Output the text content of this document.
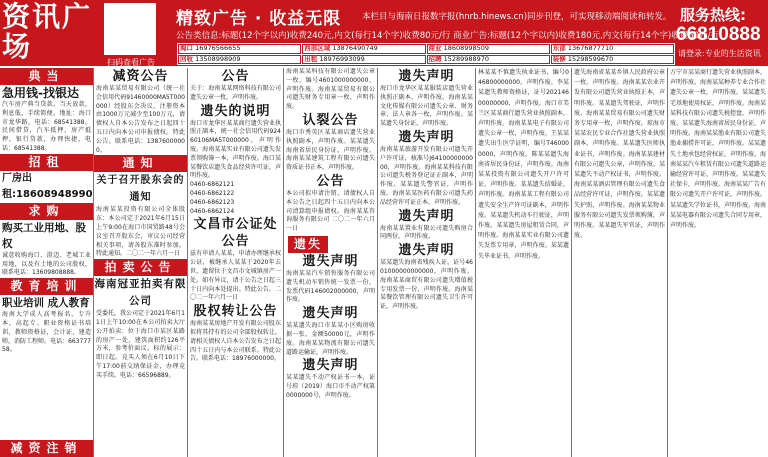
资讯广场	扫码查看广告
精致广告 · 收益无限 本栏目与海南日报数字报(hnrb.hinews.cn)同步刊登，可实现移动端阅读和转发。
公告类信息:标题(12个字以内)收费240元,内文(每行14个字)收费80元/行 商业广告:标题(12个字以内)收费180元,内文(每行14个字)收费60元/行
服务热线:
66810888
请登录:专业的生活资讯
海口 16976566655	西部区域 13876490749	商业 18608998509	东部 13676877710
回收 13508998909	出租 18976993099	招聘 15289988970	装修 15298599670
典当
急用钱-找银达
汽车房产典当贷款，当天放款，利息低，手续简便。地址：海口市龙华路，电话：68541388。民间借贷，汽车抵押，房产抵押，银行贷款，办理快捷，电话：68541388。
招租
厂房出租:18608948990
求购
购买工业用地、股权
诚意收购海口、澄迈、老城工业用地，以及有土地的公司股权，联系电话：13609808888。
教育培训
职业培训 成人教育
海南大学成人高考报名，专升本，高起专。职业资格证书培训，教师资格证，会计证，建造师，消防工程师。电话：66377758。
减资注销
减资公告
海南某某贸易有限公司（统一社会信用代码91460000MA5T000000）经股东会决议，注册资本由1000万元减少至100万元，请债权人自本公告发布之日起四十五日内向本公司申报债权。特此公告。联系电话：13876000000。
通知
关于召开股东会的通知
海南某某投资有限公司全体股东：本公司定于2021年6月15日上午9:00在海口市国贸路48号会议室召开股东会，审议公司经营相关事项，请各股东准时参加。特此通知。二〇二一年六月一日
拍卖公告
海南冠亚拍卖有限公司
受委托，我公司定于2021年6月11日上午10:00在本公司拍卖大厅公开拍卖：位于海口市某区某路的房产一处，建筑面积约126平方米，参考价面议。标的展示：即日起。竞买人须在6月10日下午17:00前交纳保证金，办理竞买手续。电话：66596889。
公告
关于：海南某某网络科技有限公司遗失公章一枚，声明作废。
遗失的说明
海口市龙华区某某商行遗失营业执照正副本，统一社会信用代码92460106MA5T000000，声明作废。海南某某实业有限公司遗失发票领购簿一本，声明作废。海口某某餐饮店遗失食品经营许可证，声明作废。
0460-6862121
0460-6862122
0460-6862123
0460-6862124
文昌市公证处公告
兹有申请人某某，申请办理继承权公证，被继承人某某于2020年去世，遗留位于文昌市文城镇房产一处。如有异议，请于公告之日起三十日内向本处提出。特此公告。二〇二一年六月一日
股权转让公告
海南某某房地产开发有限公司股东拟将其持有的公司全部股权转让，请相关债权人自本公告发布之日起四十五日内与本公司联系。特此公告。联系电话：18976000000。
海南某某科技有限公司遗失公章一枚，编号4601000000000，声明作废。海南某某贸易有限公司遗失财务专用章一枚，声明作废。
认裂公告
海口市秀英区某某商店遗失营业执照副本，声明作废。某某遗失海南省居民身份证，声明作废。海南某某建筑工程有限公司遗失资质证书正本，声明作废。
公告
本公司拟申请注销，请债权人自本公告之日起四十五日内向本公司清算组申报债权。海南某某咨询服务有限公司 二〇二一年六月一日
遗失
遗失声明
海南某某汽车销售服务有限公司遗失机动车销售统一发票一份，发票代码146002000000，声明作废。
遗失声明
某某遗失海口市某某小区购房收据一张，金额50000元，声明作废。海南某某物流有限公司遗失道路运输证，声明作废。
遗失声明
某某遗失不动产权证书一本，证号琼（2019）海口市不动产权第0000000号，声明作废。
遗失声明
海口市龙华区某某服装店遗失营业执照正副本，声明作废。海南某某文化传媒有限公司遗失公章、财务章、法人章各一枚，声明作废。某某遗失身份证，声明作废。
遗失声明
海南某某旅游开发有限公司遗失开户许可证，核准号J6410000000000，声明作废。海南某某科技有限公司遗失税务登记证正副本，声明作废。某某遗失警官证，声明作废。海南某某医药有限公司遗失药品经营许可证正本，声明作废。
遗失声明
海南某某置业有限公司遗失购房合同两份，声明作废。
遗失声明
某某遗失海南省残疾人证，证号4601000000000000，声明作废。海南某某商贸有限公司遗失增值税专用发票一份，声明作废。海南某某餐饮管理有限公司遗失卫生许可证，声明作废。
林某某不慎遗失执业证书，编号046800000000，声明作废。李某某遗失教师资格证，证号20214600000000，声明作废。海口市美兰区某某商行遗失营业执照副本，声明作废。海南某某电子有限公司遗失公章一枚，声明作废。王某某遗失出生医学证明，编号T460000000，声明作废。陈某某遗失海南省居民身份证，声明作废。海南某某投资有限公司遗失开户许可证，声明作废。某某遗失结婚证，声明作废。海南某某工程有限公司遗失安全生产许可证副本，声明作废。某某遗失机动车行驶证，声明作废。某某遗失房屋租赁合同，声明作废。海南某某实业有限公司遗失发票专用章，声明作废。某某遗失毕业证书，声明作废。
遗失海南省某某乡镇人民政府公章一枚，声明作废。海南某某农业开发有限公司遗失营业执照正本，声明作废。某某遗失驾驶证，声明作废。海南某某贸易有限公司遗失财务专用章一枚，声明作废。琼海市某某农民专业合作社遗失营业执照副本，声明作废。某某遗失医师执业证书，声明作废。海南某某建材有限公司遗失公章，声明作废。某某遗失不动产权证书，声明作废。海南某某酒店管理有限公司遗失食品经营许可证，声明作废。某某遗失护照，声明作废。海南某某物业服务有限公司遗失发票领购簿，声明作废。某某遗失军官证，声明作废。
万宁市某某商行遗失营业执照副本，声明作废。海南某某种养专业合作社遗失公章一枚，声明作废。某某遗失宅基地使用权证，声明作废。海南某某科技有限公司遗失税控盘，声明作废。某某遗失海南省居民身份证，声明作废。海南某某渔业有限公司遗失渔业捕捞许可证，声明作废。某某遗失土地承包经营权证，声明作废。海南某某汽车租赁有限公司遗失道路运输经营许可证，声明作废。某某遗失社保卡，声明作废。海南某某广告有限公司遗失开户许可证，声明作废。某某遗失学位证书，声明作废。海南某某电器有限公司遗失合同专用章，声明作废。
